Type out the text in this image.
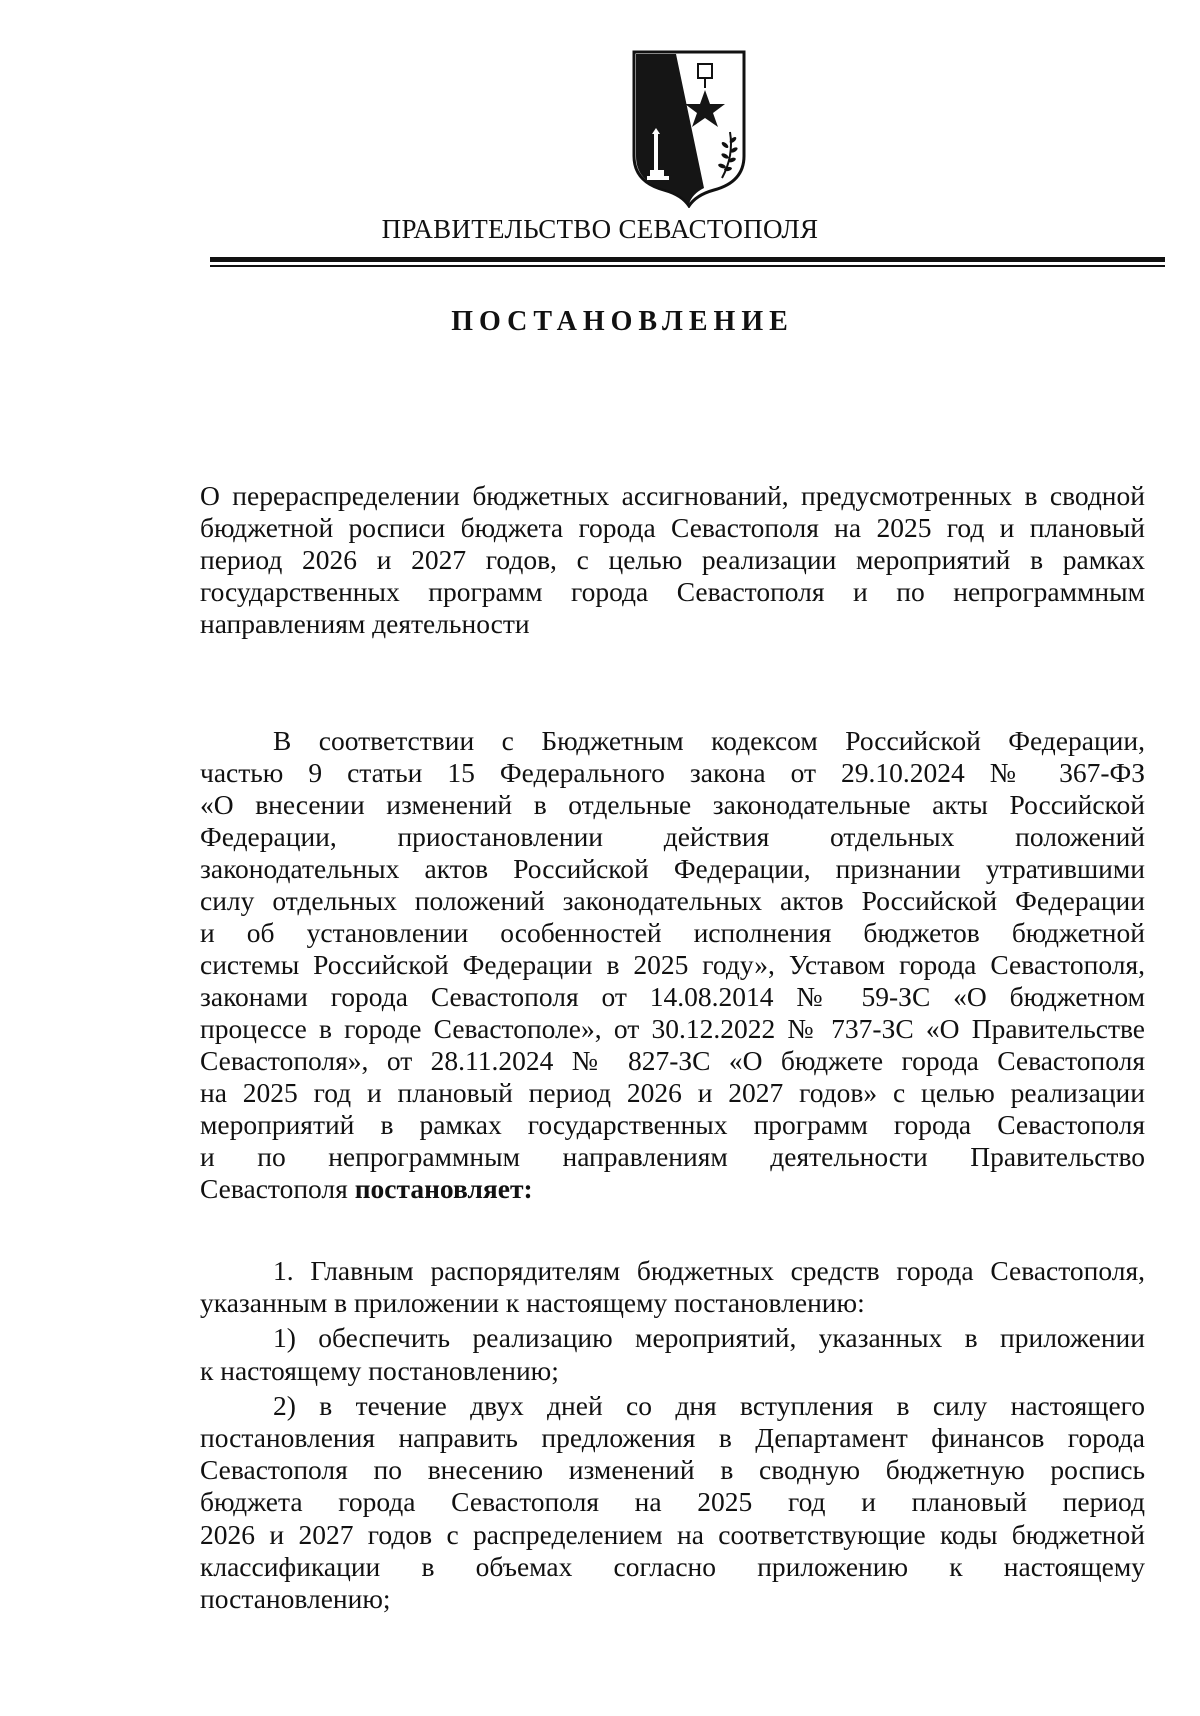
ПРАВИТЕЛЬСТВО СЕВАСТОПОЛЯ
ПОСТАНОВЛЕНИЕ
О перераспределении бюджетных ассигнований, предусмотренных в сводной
бюджетной росписи бюджета города Севастополя на 2025 год и плановый
период 2026 и 2027 годов, с целью реализации мероприятий в рамках
государственных программ города Севастополя и по непрограммным
направлениям деятельности
В соответствии с Бюджетным кодексом Российской Федерации,
частью 9 статьи 15 Федерального закона от 29.10.2024 № 367-ФЗ
«О внесении изменений в отдельные законодательные акты Российской
Федерации, приостановлении действия отдельных положений
законодательных актов Российской Федерации, признании утратившими
силу отдельных положений законодательных актов Российской Федерации
и об установлении особенностей исполнения бюджетов бюджетной
системы Российской Федерации в 2025 году», Уставом города Севастополя,
законами города Севастополя от 14.08.2014 № 59-ЗС «О бюджетном
процессе в городе Севастополе», от 30.12.2022 № 737-ЗС «О Правительстве
Севастополя», от 28.11.2024 № 827-ЗС «О бюджете города Севастополя
на 2025 год и плановый период 2026 и 2027 годов» с целью реализации
мероприятий в рамках государственных программ города Севастополя
и по непрограммным направлениям деятельности Правительство
Севастополя постановляет:
1. Главным распорядителям бюджетных средств города Севастополя,
указанным в приложении к настоящему постановлению:
1) обеспечить реализацию мероприятий, указанных в приложении
к настоящему постановлению;
2) в течение двух дней со дня вступления в силу настоящего
постановления направить предложения в Департамент финансов города
Севастополя по внесению изменений в сводную бюджетную роспись
бюджета города Севастополя на 2025 год и плановый период
2026 и 2027 годов с распределением на соответствующие коды бюджетной
классификации в объемах согласно приложению к настоящему
постановлению;
